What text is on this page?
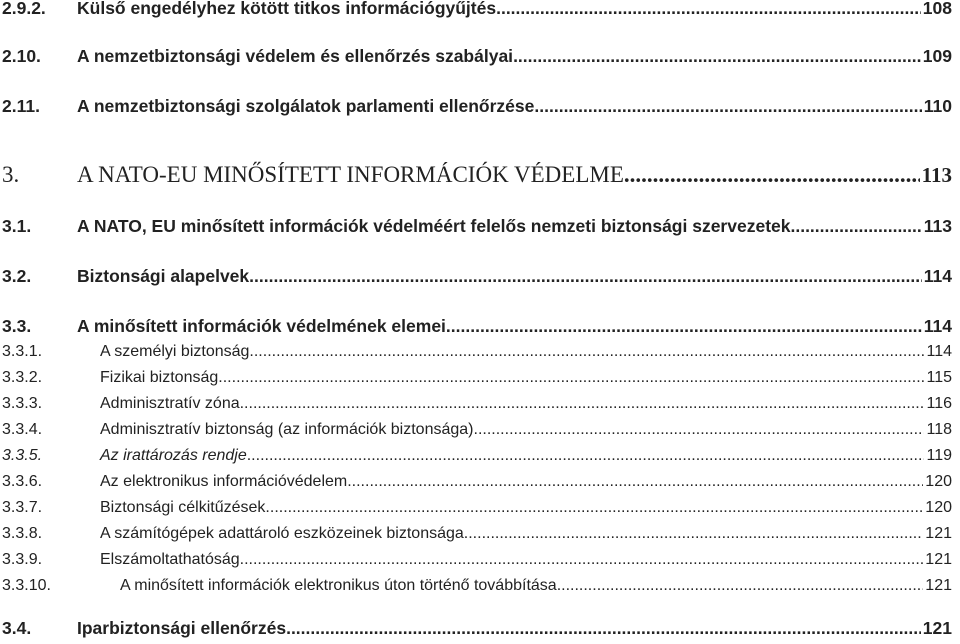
2.9.2.	Külső engedélyhez kötött titkos információgyűjtés .....	108
2.10.	A nemzetbiztonsági védelem és ellenőrzés szabályai .....	109
2.11.	A nemzetbiztonsági szolgálatok parlamenti ellenőrzése .....	110
3.	A NATO-EU MINŐSÍTETT INFORMÁCIÓK VÉDELME .....	113
3.1.	A NATO, EU minősített információk védelméért felelős nemzeti biztonsági szervezetek .....	113
3.2.	Biztonsági alapelvek .....	114
3.3.	A minősített információk védelmének elemei .....	114
3.3.1.	A személyi biztonság .....	114
3.3.2.	Fizikai biztonság .....	115
3.3.3.	Adminisztratív zóna .....	116
3.3.4.	Adminisztratív biztonság (az információk biztonsága) .....	118
3.3.5.	Az irattározás rendje .....	119
3.3.6.	Az elektronikus információvédelem .....	120
3.3.7.	Biztonsági célkitűzések .....	120
3.3.8.	A számítógépek adattároló eszközeinek biztonsága .....	121
3.3.9.	Elszámoltathatóság .....	121
3.3.10.	A minősített információk elektronikus úton történő továbbítása .....	121
3.4.	Iparbiztonsági ellenőrzés .....	121
